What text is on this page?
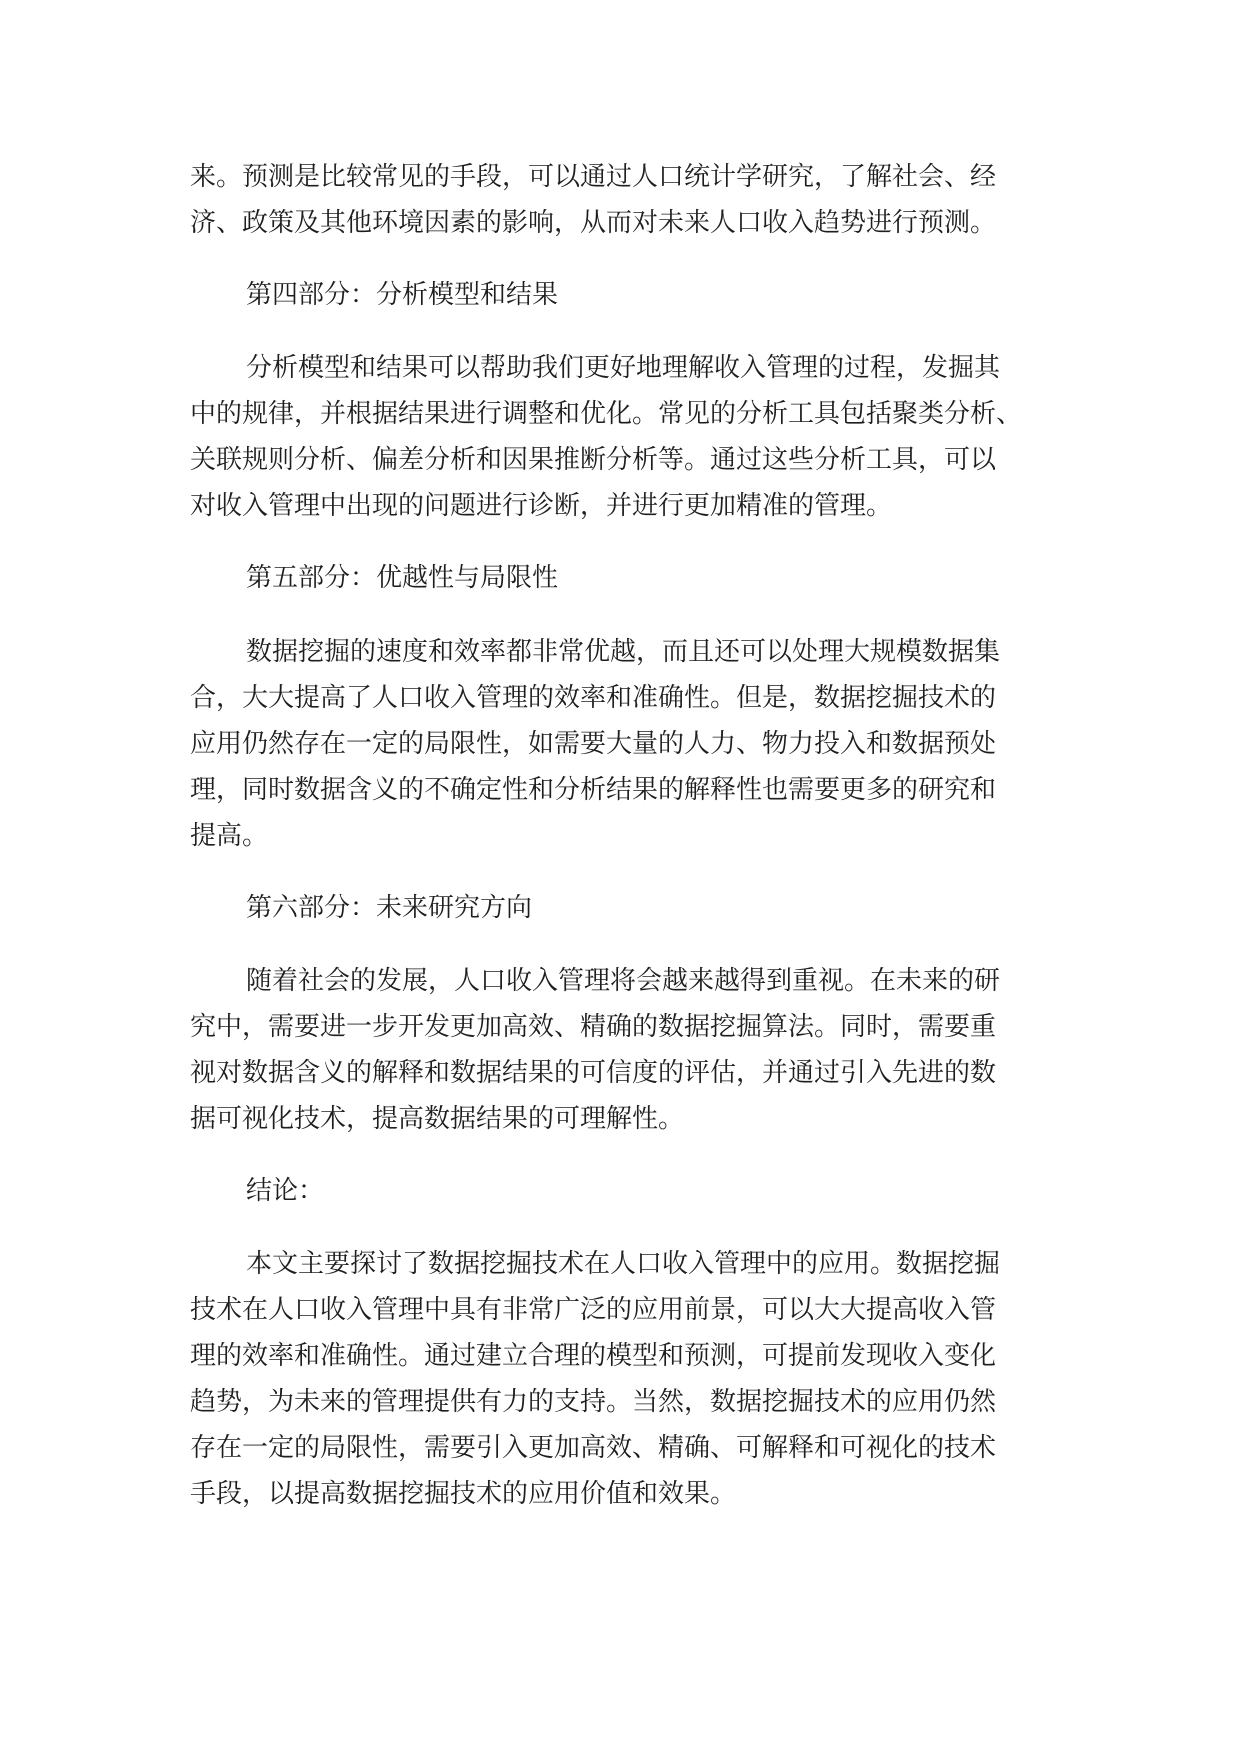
来。预测是比较常见的手段，可以通过人口统计学研究，了解社会、经

济、政策及其他环境因素的影响，从而对未来人口收入趋势进行预测。

第四部分：分析模型和结果

分析模型和结果可以帮助我们更好地理解收入管理的过程，发掘其

中的规律，并根据结果进行调整和优化。常见的分析工具包括聚类分析、

关联规则分析、偏差分析和因果推断分析等。通过这些分析工具，可以

对收入管理中出现的问题进行诊断，并进行更加精准的管理。

第五部分：优越性与局限性

数据挖掘的速度和效率都非常优越，而且还可以处理大规模数据集

合，大大提高了人口收入管理的效率和准确性。但是，数据挖掘技术的

应用仍然存在一定的局限性，如需要大量的人力、物力投入和数据预处

理，同时数据含义的不确定性和分析结果的解释性也需要更多的研究和

提高。

第六部分：未来研究方向

随着社会的发展，人口收入管理将会越来越得到重视。在未来的研

究中，需要进一步开发更加高效、精确的数据挖掘算法。同时，需要重

视对数据含义的解释和数据结果的可信度的评估，并通过引入先进的数

据可视化技术，提高数据结果的可理解性。

结论：

本文主要探讨了数据挖掘技术在人口收入管理中的应用。数据挖掘

技术在人口收入管理中具有非常广泛的应用前景，可以大大提高收入管

理的效率和准确性。通过建立合理的模型和预测，可提前发现收入变化

趋势，为未来的管理提供有力的支持。当然，数据挖掘技术的应用仍然

存在一定的局限性，需要引入更加高效、精确、可解释和可视化的技术

手段，以提高数据挖掘技术的应用价值和效果。
